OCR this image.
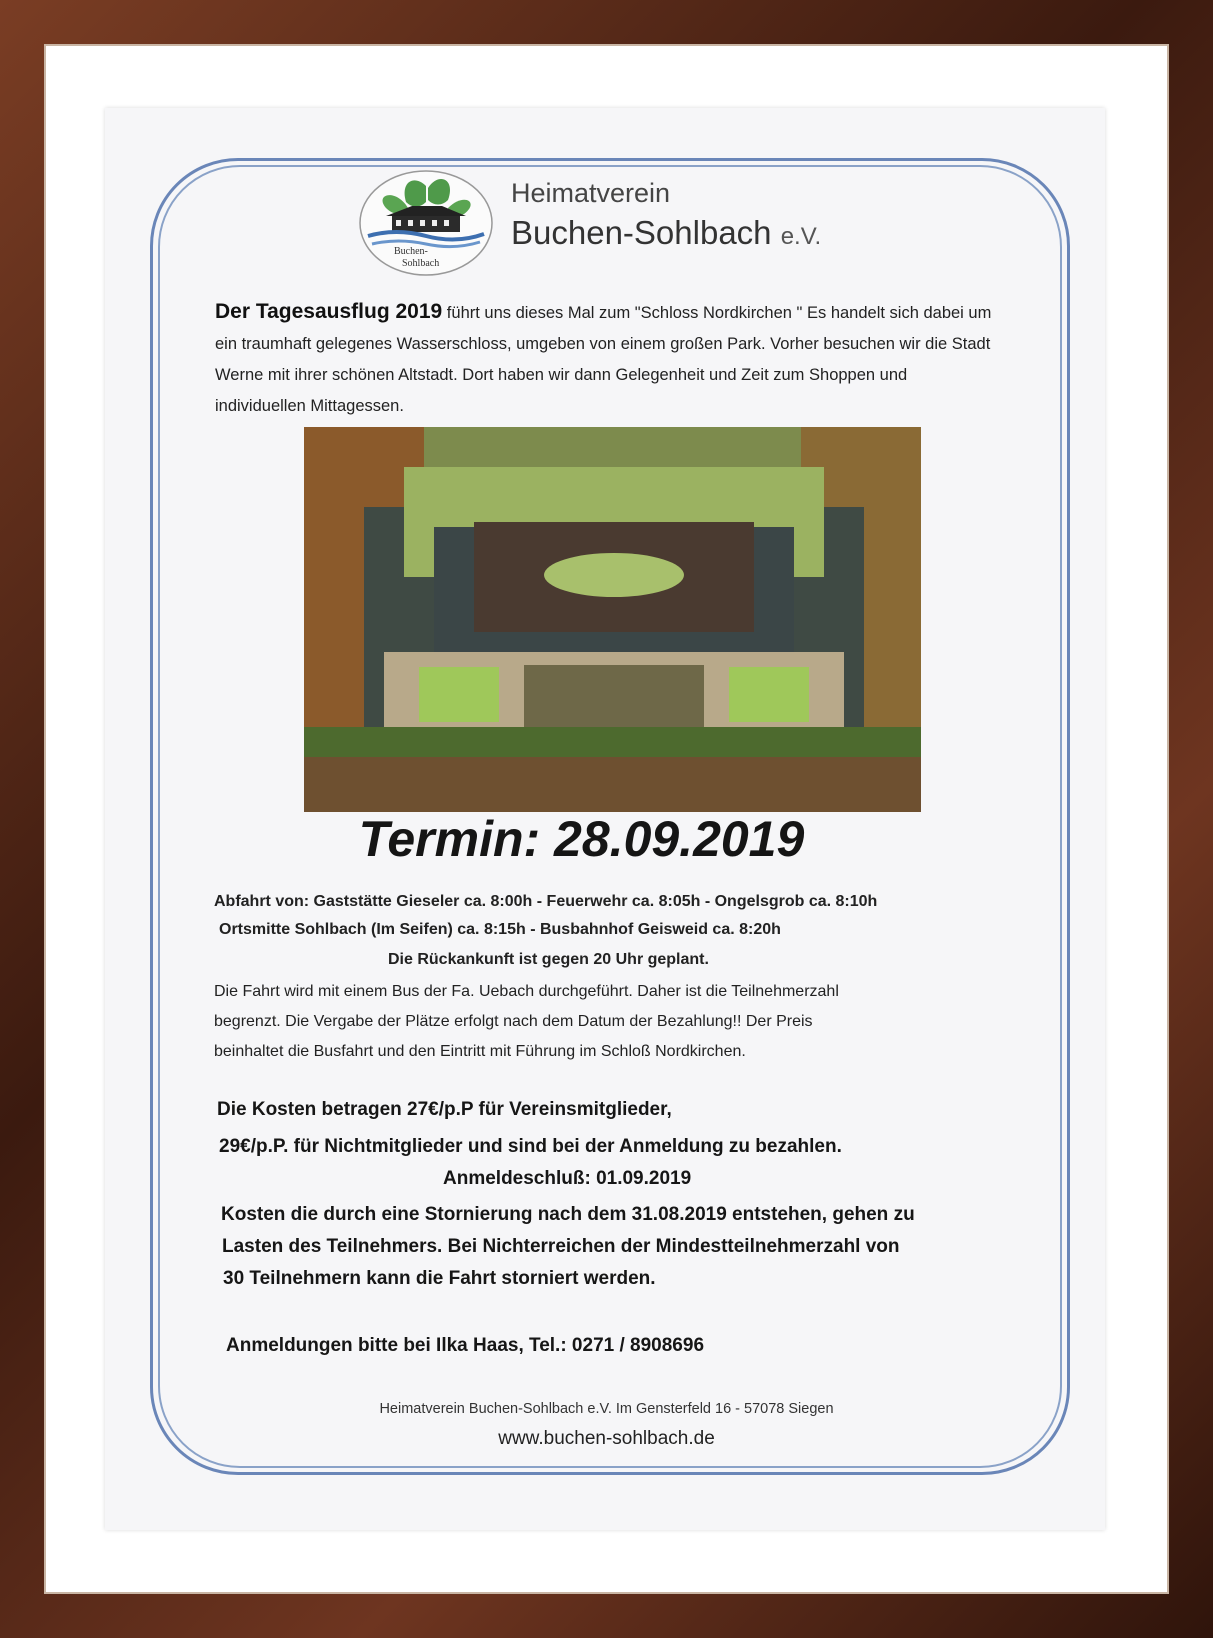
Buchen-
Sohlbach
Heimatverein
Buchen-Sohlbach e.V.
Der Tagesausflug 2019 führt uns dieses Mal zum "Schloss Nordkirchen " Es handelt sich dabei um ein traumhaft gelegenes Wasserschloss, umgeben von einem großen Park. Vorher besuchen wir die Stadt Werne mit ihrer schönen Altstadt. Dort haben wir dann Gelegenheit und Zeit zum Shoppen und individuellen Mittagessen.
Termin: 28.09.2019
Abfahrt von: Gaststätte Gieseler ca. 8:00h - Feuerwehr ca. 8:05h - Ongelsgrob ca. 8:10h
Ortsmitte Sohlbach (Im Seifen) ca. 8:15h - Busbahnhof Geisweid ca. 8:20h
Die Rückankunft ist gegen 20 Uhr geplant.
Die Fahrt wird mit einem Bus der Fa. Uebach durchgeführt. Daher ist die Teilnehmerzahl
begrenzt. Die Vergabe der Plätze erfolgt nach dem Datum der Bezahlung!! Der Preis
beinhaltet die Busfahrt und den Eintritt mit Führung im Schloß Nordkirchen.
Die Kosten betragen 27€/p.P für Vereinsmitglieder,
29€/p.P. für Nichtmitglieder und sind bei der Anmeldung zu bezahlen.
Anmeldeschluß: 01.09.2019
Kosten die durch eine Stornierung nach dem 31.08.2019 entstehen, gehen zu
Lasten des Teilnehmers. Bei Nichterreichen der Mindestteilnehmerzahl von
30 Teilnehmern kann die Fahrt storniert werden.
Anmeldungen bitte bei Ilka Haas, Tel.: 0271 / 8908696
Heimatverein Buchen-Sohlbach e.V. Im Gensterfeld 16 - 57078 Siegen
www.buchen-sohlbach.de
